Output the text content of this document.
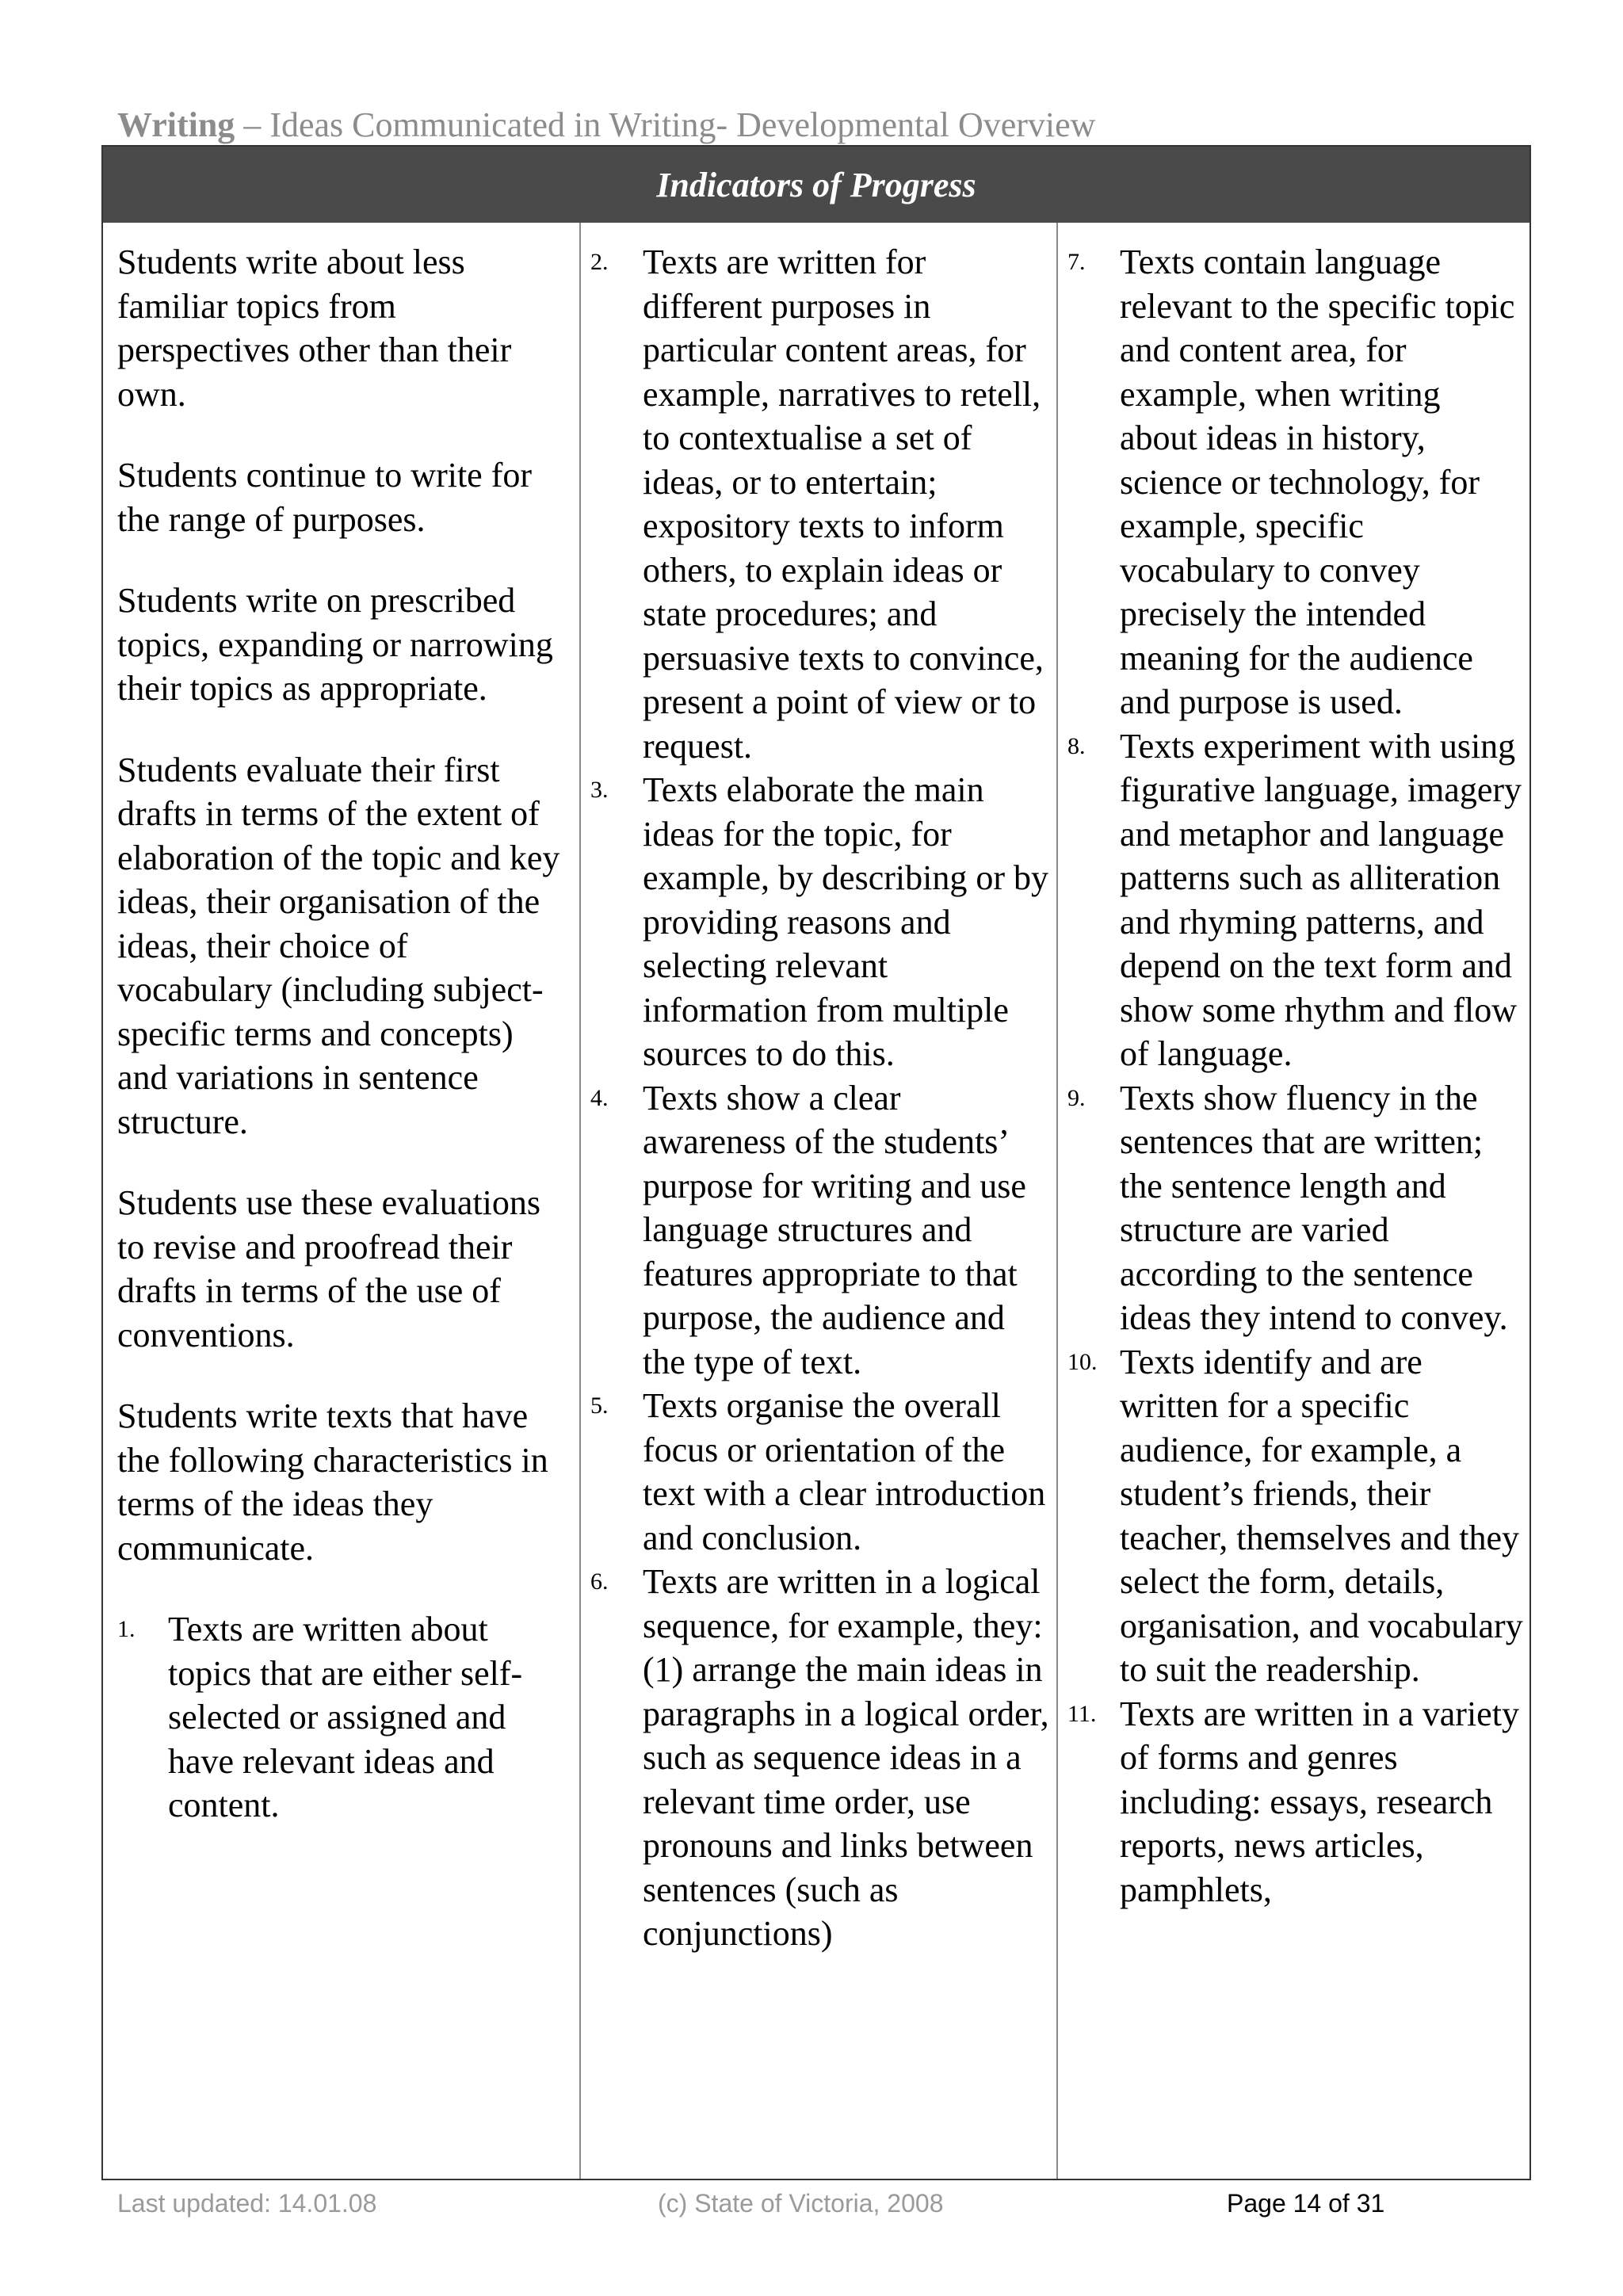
Writing – Ideas Communicated in Writing- Developmental Overview
Indicators of Progress

Students write about less familiar topics from perspectives other than their own.

Students continue to write for the range of purposes.

Students write on prescribed topics, expanding or narrowing their topics as appropriate.

Students evaluate their first drafts in terms of the extent of elaboration of the topic and key ideas, their organisation of the ideas, their choice of vocabulary (including subject-specific terms and concepts) and variations in sentence structure.

Students use these evaluations to revise and proofread their drafts in terms of the use of conventions.

Students write texts that have the following characteristics in terms of the ideas they communicate.

1. Texts are written about topics that are either self-selected or assigned and have relevant ideas and content.
2. Texts are written for different purposes in particular content areas, for example, narratives to retell, to contextualise a set of ideas, or to entertain; expository texts to inform others, to explain ideas or state procedures; and persuasive texts to convince, present a point of view or to request.
3. Texts elaborate the main ideas for the topic, for example, by describing or by providing reasons and selecting relevant information from multiple sources to do this.
4. Texts show a clear awareness of the students’ purpose for writing and use language structures and features appropriate to that purpose, the audience and the type of text.
5. Texts organise the overall focus or orientation of the text with a clear introduction and conclusion.
6. Texts are written in a logical sequence, for example, they: (1) arrange the main ideas in paragraphs in a logical order, such as sequence ideas in a relevant time order, use pronouns and links between sentences (such as conjunctions)
7. Texts contain language relevant to the specific topic and content area, for example, when writing about ideas in history, science or technology, for example, specific vocabulary to convey precisely the intended meaning for the audience and purpose is used.
8. Texts experiment with using figurative language, imagery and metaphor and language patterns such as alliteration and rhyming patterns, and depend on the text form and show some rhythm and flow of language.
9. Texts show fluency in the sentences that are written; the sentence length and structure are varied according to the sentence ideas they intend to convey.
10. Texts identify and are written for a specific audience, for example, a student’s friends, their teacher, themselves and they select the form, details, organisation, and vocabulary to suit the readership.
11. Texts are written in a variety of forms and genres including: essays, research reports, news articles, pamphlets,
Last updated: 14.01.08	(c) State of Victoria, 2008	Page 14 of 31
